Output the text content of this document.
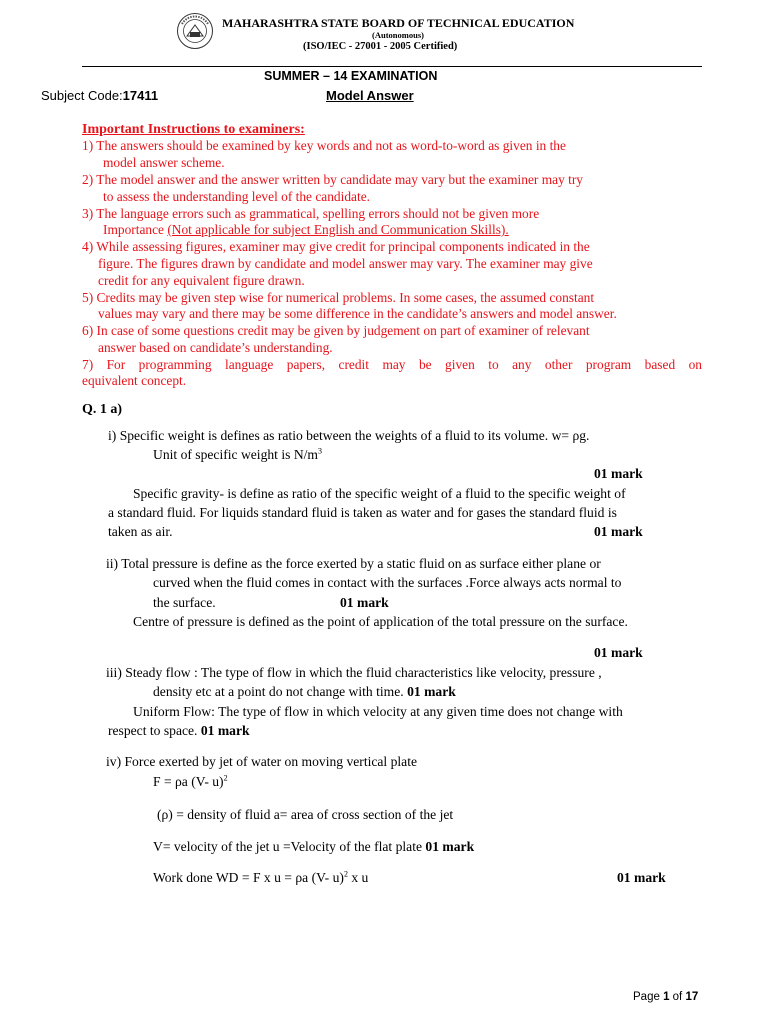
MAHARASHTRA STATE BOARD OF TECHNICAL EDUCATION
(Autonomous)
(ISO/IEC - 27001 - 2005 Certified)
SUMMER – 14 EXAMINATION
Subject Code:17411	Model Answer
Important Instructions to examiners:
1) The answers should be examined by key words and not as word-to-word as given in the
model answer scheme.
2) The model answer and the answer written by candidate may vary but the examiner may try
to assess the understanding level of the candidate.
3) The language errors such as grammatical, spelling errors should not be given more
Importance (Not applicable for subject English and Communication Skills).
4) While assessing figures, examiner may give credit for principal components indicated in the
figure. The figures drawn by candidate and model answer may vary. The examiner may give
credit for any equivalent figure drawn.
5) Credits may be given step wise for numerical problems. In some cases, the assumed constant
values may vary and there may be some difference in the candidate’s answers and model answer.
6) In case of some questions credit may be given by judgement on part of examiner of relevant
answer based on candidate’s understanding.
7) For programming language papers, credit may be given to any other program based on
equivalent concept.
Q. 1 a)
i) Specific weight is defines as ratio between the weights of a fluid to its volume. w= ρg.
Unit of specific weight is $N/m^3$
01 mark
Specific gravity- is define as ratio of the specific weight of a fluid to the specific weight of
a standard fluid. For liquids standard fluid is taken as water and for gases the standard fluid is
taken as air.	01 mark
ii) Total pressure is define as the force exerted by a static fluid on as surface either plane or
curved when the fluid comes in contact with the surfaces .Force always acts normal to
the surface.	01 mark
Centre of pressure is defined as the point of application of the total pressure on the surface.
01 mark
iii) Steady flow : The type of flow in which the fluid characteristics like velocity, pressure ,
density etc at a point do not change with time. 01 mark
Uniform Flow: The type of flow in which velocity at any given time does not change with
respect to space. 01 mark
iv) Force exerted by jet of water on moving vertical plate
F = ρa (V- u)$^2$
(ρ) = density of fluid a= area of cross section of the jet
V= velocity of the jet u =Velocity of the flat plate 01 mark
Work done WD = F x u = ρa (V- u)$^2$ x u	01 mark
Page 1 of 17
